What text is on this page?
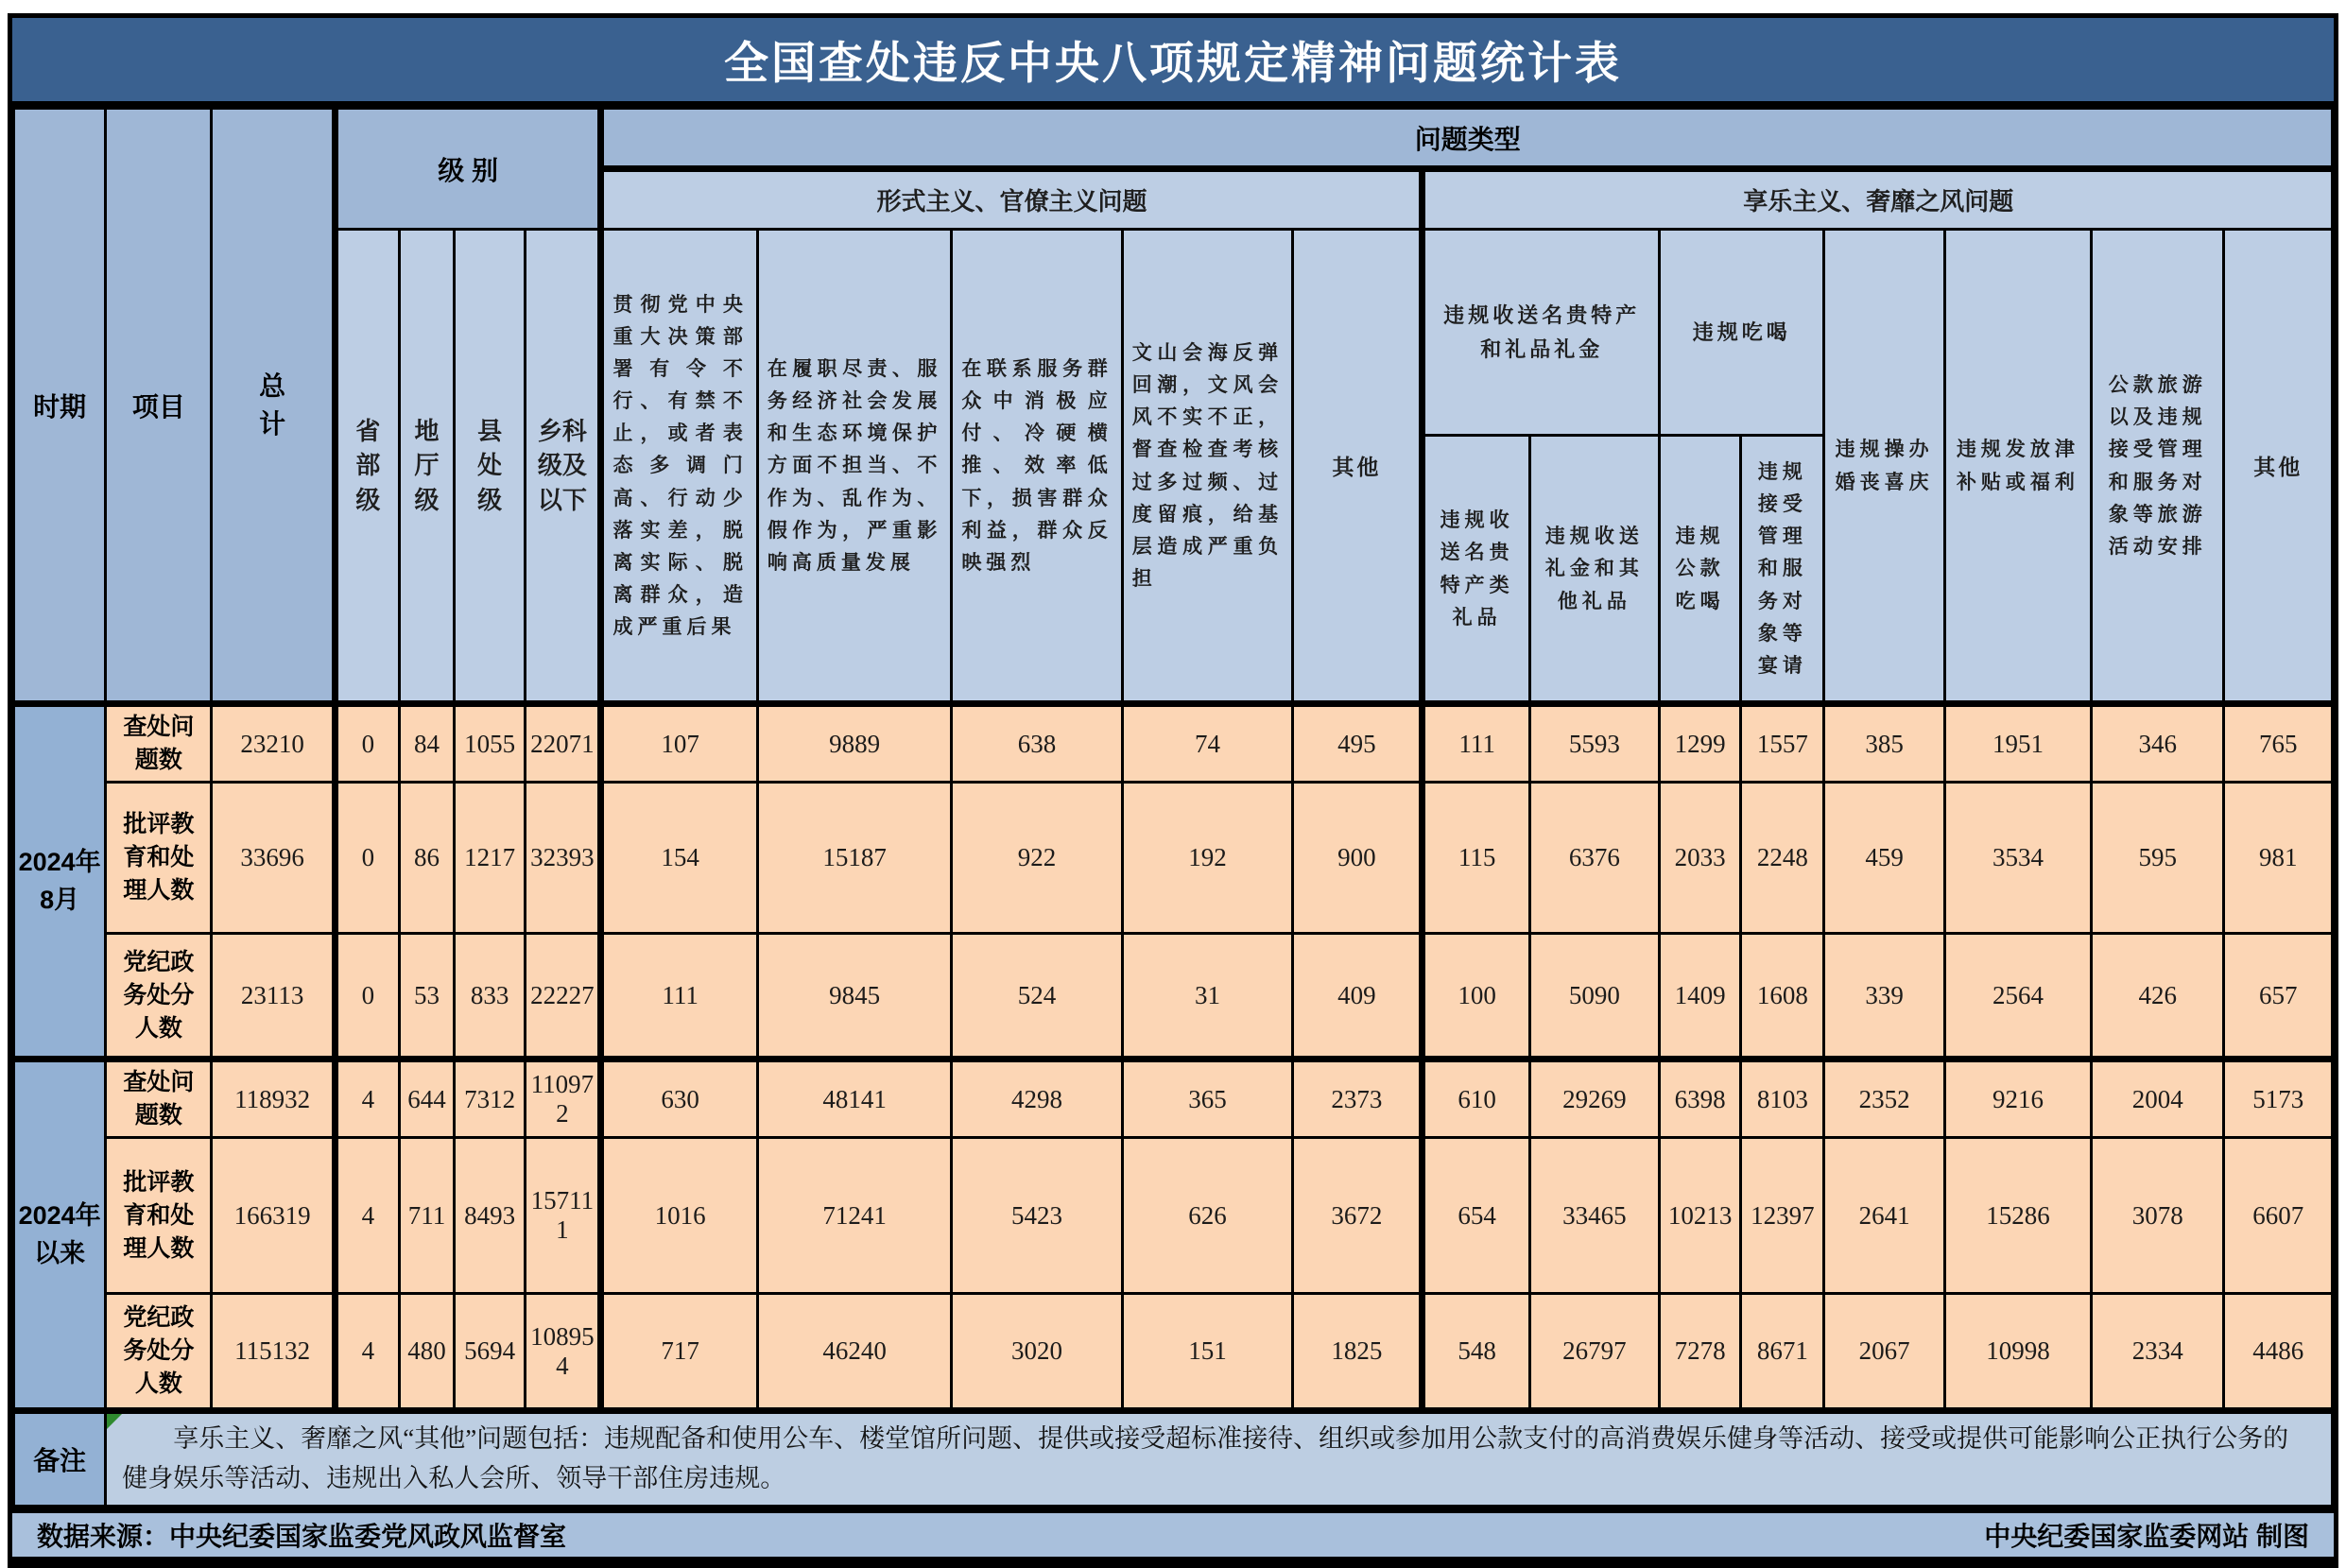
全国查处违反中央八项规定精神问题统计表
时期	项目	总计	级 别				问题类型												
							形式主义、官僚主义问题					享乐主义、奢靡之风问题							
			省部级	地厅级	县处级	乡科级及以下	贯彻党中央重大决策部署有令不行、有禁不止，或者表态多调门高、行动少落实差，脱离实际、脱离群众，造成严重后果	在履职尽责、服务经济社会发展和生态环境保护方面不担当、不作为、乱作为、假作为，严重影响高质量发展	在联系服务群众中消极应付、冷硬横推、效率低下，损害群众利益，群众反映强烈	文山会海反弹回潮，文风会风不实不正，督查检查考核过多过频、过度留痕，给基层造成严重负担	其他	违规收送名贵特产和礼品礼金		违规吃喝		违规操办婚丧喜庆	违规发放津补贴或福利	公款旅游以及违规接受管理和服务对象等旅游活动安排	其他
												违规收送名贵特产类礼品	违规收送礼金和其他礼品	违规公款吃喝	违规接受管理和服务对象等宴请				
2024年8月	查处问题数	23210	0	84	1055	22071	107	9889	638	74	495	111	5593	1299	1557	385	1951	346	765
	批评教育和处理人数	33696	0	86	1217	32393	154	15187	922	192	900	115	6376	2033	2248	459	3534	595	981
	党纪政务处分人数	23113	0	53	833	22227	111	9845	524	31	409	100	5090	1409	1608	339	2564	426	657
2024年以来	查处问题数	118932	4	644	7312	110972	630	48141	4298	365	2373	610	29269	6398	8103	2352	9216	2004	5173
	批评教育和处理人数	166319	4	711	8493	157111	1016	71241	5423	626	3672	654	33465	10213	12397	2641	15286	3078	6607
	党纪政务处分人数	115132	4	480	5694	108954	717	46240	3020	151	1825	548	26797	7278	8671	2067	10998	2334	4486
备注	享乐主义、奢靡之风“其他”问题包括：违规配备和使用公车、楼堂馆所问题、提供或接受超标准接待、组织或参加用公款支付的高消费娱乐健身等活动、接受或提供可能影响公正执行公务的健身娱乐等活动、违规出入私人会所、领导干部住房违规。																		
数据来源：中央纪委国家监委党风政风监督室	中央纪委国家监委网站 制图
